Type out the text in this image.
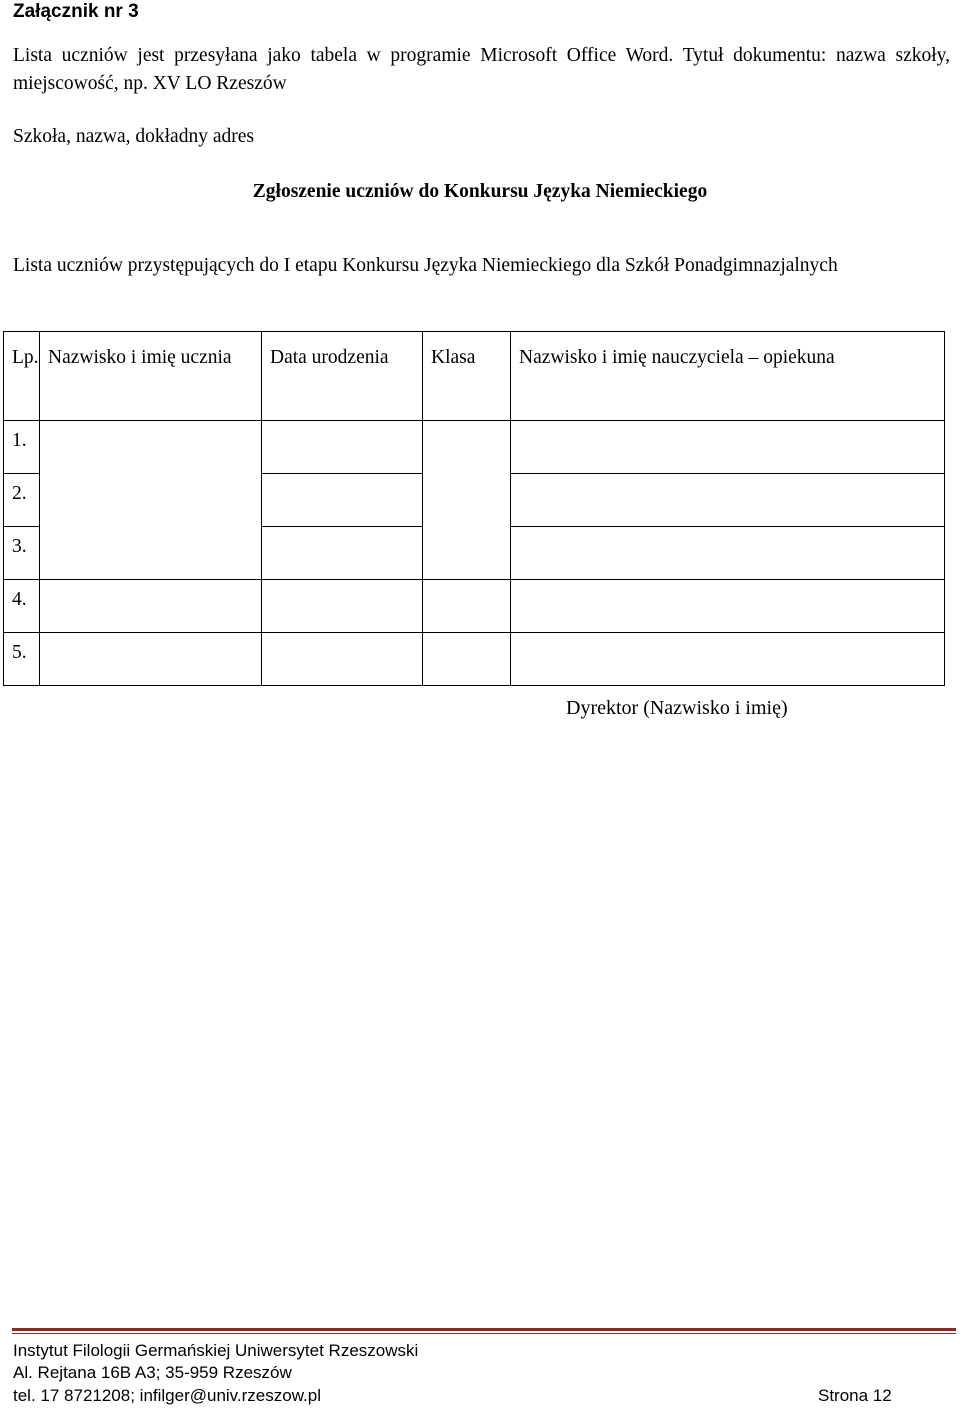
Załącznik nr 3
Lista uczniów jest przesyłana jako tabela w programie Microsoft Office Word. Tytuł dokumentu: nazwa szkoły, miejscowość, np. XV LO Rzeszów
Szkoła, nazwa, dokładny adres
Zgłoszenie uczniów do Konkursu Języka Niemieckiego
Lista uczniów przystępujących do I etapu Konkursu Języka Niemieckiego dla Szkół Ponadgimnazjalnych
Lp.	Nazwisko i imię ucznia	Data urodzenia	Klasa	Nazwisko i imię nauczyciela – opiekuna
1.				
2.				
3.				
4.				
5.				
Dyrektor (Nazwisko i imię)
Instytut Filologii Germańskiej Uniwersytet Rzeszowski
Al. Rejtana 16B A3; 35-959 Rzeszów
tel. 17 8721208; infilger@univ.rzeszow.pl	Strona 12
